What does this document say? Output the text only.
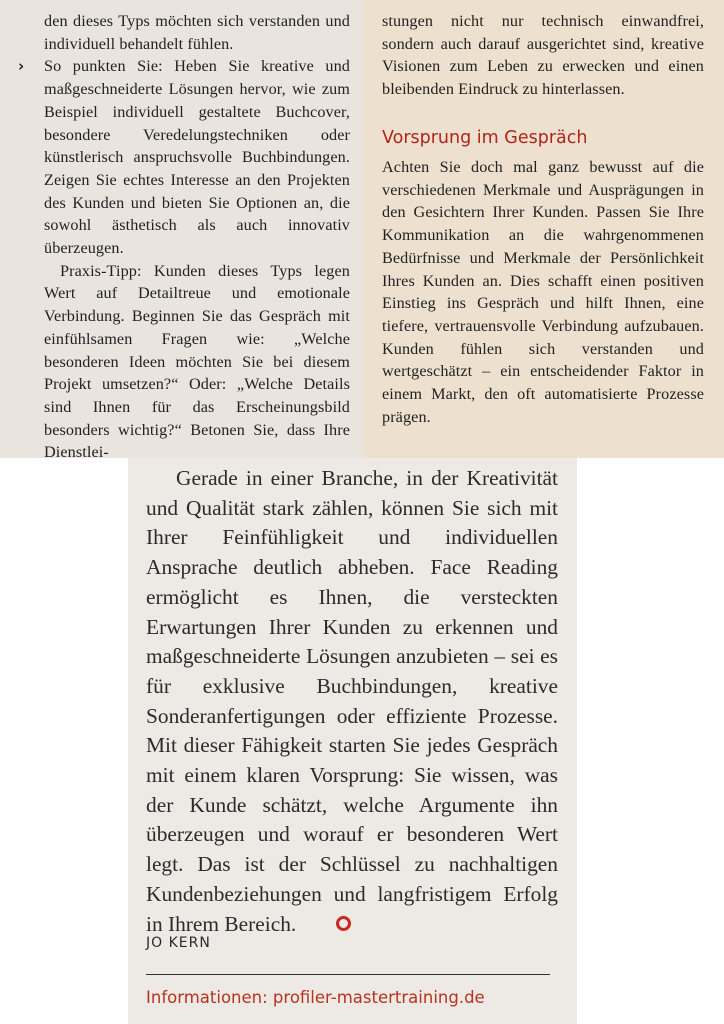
den dieses Typs möchten sich verstanden und individuell behandelt fühlen.

› So punkten Sie: Heben Sie kreative und maßgeschneiderte Lösungen hervor, wie zum Beispiel individuell gestaltete Buchcover, besondere Veredelungstechniken oder künstlerisch anspruchsvolle Buchbindungen. Zeigen Sie echtes Interesse an den Projekten des Kunden und bieten Sie Optionen an, die sowohl ästhetisch als auch innovativ überzeugen.

Praxis-Tipp: Kunden dieses Typs legen Wert auf Detailtreue und emotionale Verbindung. Beginnen Sie das Gespräch mit einfühlsamen Fragen wie: „Welche besonderen Ideen möchten Sie bei diesem Projekt umsetzen?“ Oder: „Welche Details sind Ihnen für das Erscheinungsbild besonders wichtig?“ Betonen Sie, dass Ihre Dienstlei-

stungen nicht nur technisch einwandfrei, sondern auch darauf ausgerichtet sind, kreative Visionen zum Leben zu erwecken und einen bleibenden Eindruck zu hinterlassen.

Vorsprung im Gespräch

Achten Sie doch mal ganz bewusst auf die verschiedenen Merkmale und Ausprägungen in den Gesichtern Ihrer Kunden. Passen Sie Ihre Kommunikation an die wahrgenommenen Bedürfnisse und Merkmale der Persönlichkeit Ihres Kunden an. Dies schafft einen positiven Einstieg ins Gespräch und hilft Ihnen, eine tiefere, vertrauensvolle Verbindung aufzubauen. Kunden fühlen sich verstanden und wertgeschätzt – ein entscheidender Faktor in einem Markt, den oft automatisierte Prozesse prägen.

Gerade in einer Branche, in der Kreativität und Qualität stark zählen, können Sie sich mit Ihrer Feinfühligkeit und individuellen Ansprache deutlich abheben. Face Reading ermöglicht es Ihnen, die versteckten Erwartungen Ihrer Kunden zu erkennen und maßgeschneiderte Lösungen anzubieten – sei es für exklusive Buchbindungen, kreative Sonderanfertigungen oder effiziente Prozesse. Mit dieser Fähigkeit starten Sie jedes Gespräch mit einem klaren Vorsprung: Sie wissen, was der Kunde schätzt, welche Argumente ihn überzeugen und worauf er besonderen Wert legt. Das ist der Schlüssel zu nachhaltigen Kundenbeziehungen und langfristigem Erfolg in Ihrem Bereich.

JO KERN

Informationen: profiler-mastertraining.de
